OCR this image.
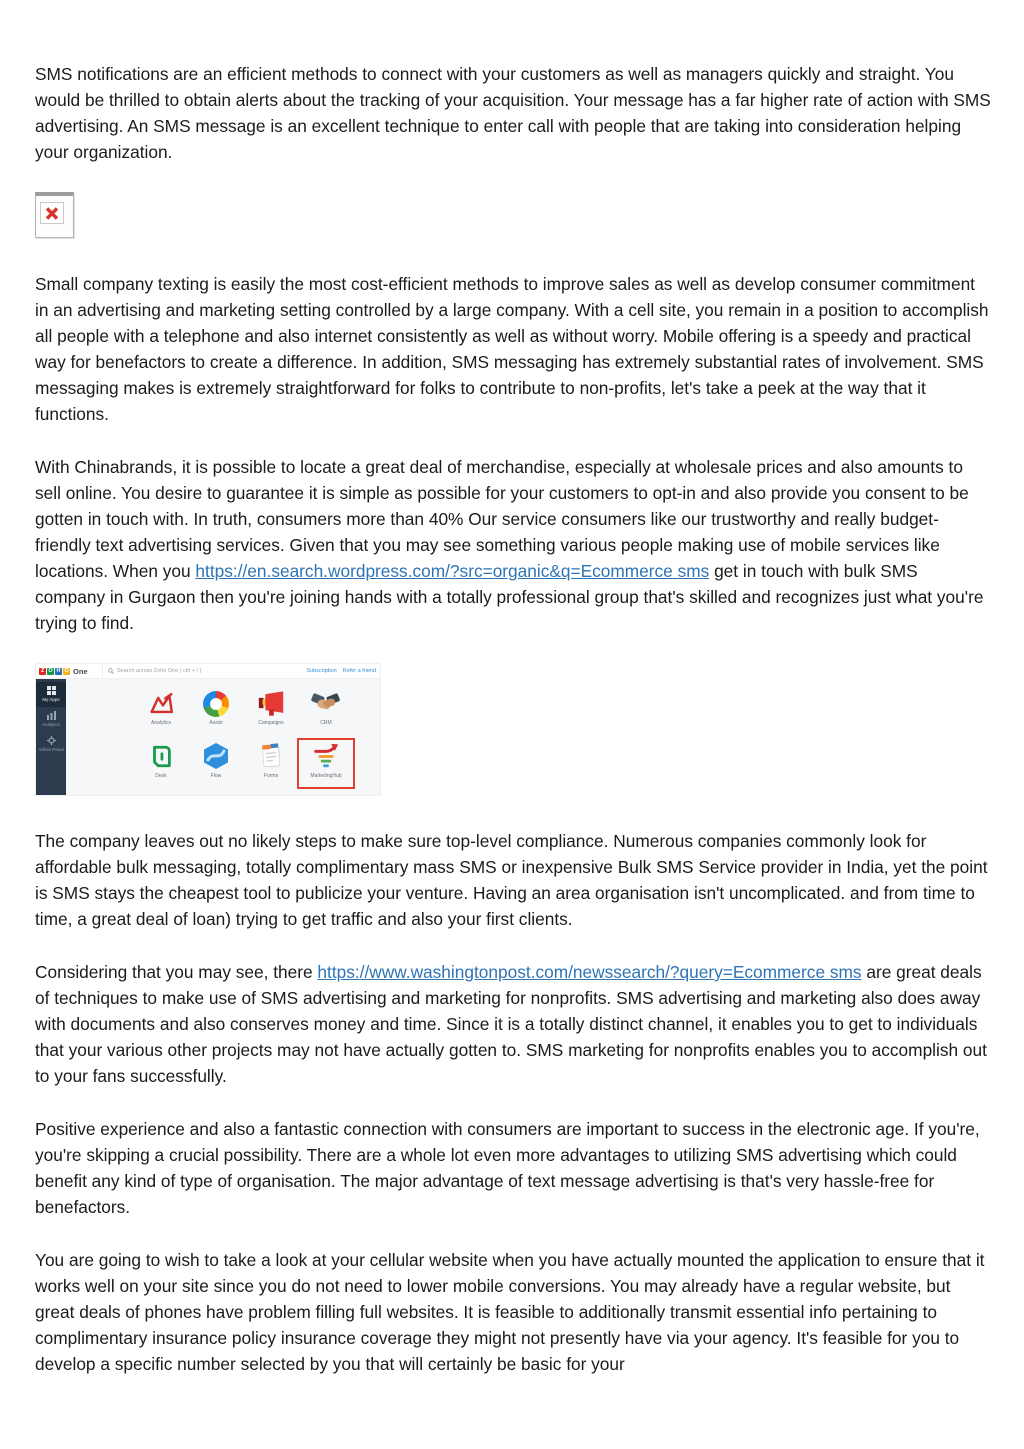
SMS notifications are an efficient methods to connect with your customers as well as managers quickly and straight. You would be thrilled to obtain alerts about the tracking of your acquisition. Your message has a far higher rate of action with SMS advertising. An SMS message is an excellent technique to enter call with people that are taking into consideration helping your organization.

Small company texting is easily the most cost-efficient methods to improve sales as well as develop consumer commitment in an advertising and marketing setting controlled by a large company. With a cell site, you remain in a position to accomplish all people with a telephone and also internet consistently as well as without worry. Mobile offering is a speedy and practical way for benefactors to create a difference. In addition, SMS messaging has extremely substantial rates of involvement. SMS messaging makes is extremely straightforward for folks to contribute to non-profits, let's take a peek at the way that it functions.

With Chinabrands, it is possible to locate a great deal of merchandise, especially at wholesale prices and also amounts to sell online. You desire to guarantee it is simple as possible for your customers to opt-in and also provide you consent to be gotten in touch with. In truth, consumers more than 40% Our service consumers like our trustworthy and really budget-friendly text advertising services. Given that you may see something various people making use of mobile services like locations. When you https://en.search.wordpress.com/?src=organic&q=Ecommerce sms get in touch with bulk SMS company in Gurgaon then you're joining hands with a totally professional group that's skilled and recognizes just what you're trying to find.

Z O H O One	Search across Zoho One ( ctrl + / )	Subscription Refer a friend
My Apps
Analytics
Admin Panel
Analytics	Assist	Campaigns	CRM
Desk	Flow	Forms	MarketingHub

The company leaves out no likely steps to make sure top-level compliance. Numerous companies commonly look for affordable bulk messaging, totally complimentary mass SMS or inexpensive Bulk SMS Service provider in India, yet the point is SMS stays the cheapest tool to publicize your venture. Having an area organisation isn't uncomplicated. and from time to time, a great deal of loan) trying to get traffic and also your first clients.

Considering that you may see, there https://www.washingtonpost.com/newssearch/?query=Ecommerce sms are great deals of techniques to make use of SMS advertising and marketing for nonprofits. SMS advertising and marketing also does away with documents and also conserves money and time. Since it is a totally distinct channel, it enables you to get to individuals that your various other projects may not have actually gotten to. SMS marketing for nonprofits enables you to accomplish out to your fans successfully.

Positive experience and also a fantastic connection with consumers are important to success in the electronic age. If you're, you're skipping a crucial possibility. There are a whole lot even more advantages to utilizing SMS advertising which could benefit any kind of type of organisation. The major advantage of text message advertising is that's very hassle-free for benefactors.

You are going to wish to take a look at your cellular website when you have actually mounted the application to ensure that it works well on your site since you do not need to lower mobile conversions. You may already have a regular website, but great deals of phones have problem filling full websites. It is feasible to additionally transmit essential info pertaining to complimentary insurance policy insurance coverage they might not presently have via your agency. It's feasible for you to develop a specific number selected by you that will certainly be basic for your
